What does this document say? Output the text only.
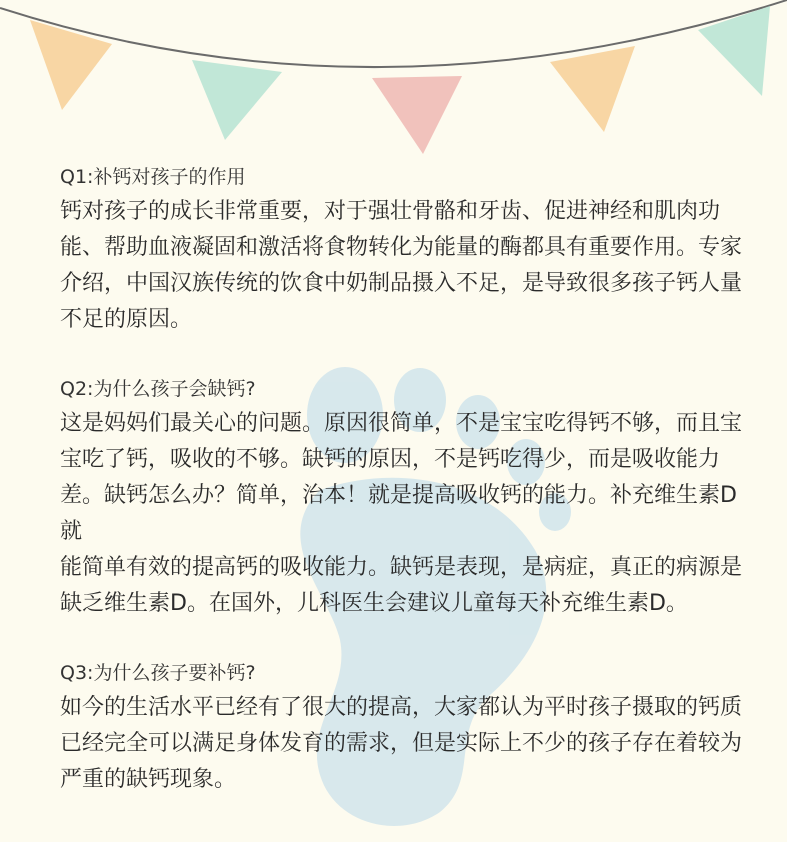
Q1:补钙对孩子的作用

钙对孩子的成长非常重要，对于强壮骨骼和牙齿、促进神经和肌肉功

能、帮助血液凝固和激活将食物转化为能量的酶都具有重要作用。专家

介绍，中国汉族传统的饮食中奶制品摄入不足，是导致很多孩子钙人量

不足的原因。

Q2:为什么孩子会缺钙?

这是妈妈们最关心的问题。原因很简单，不是宝宝吃得钙不够，而且宝

宝吃了钙，吸收的不够。缺钙的原因，不是钙吃得少，而是吸收能力

差。缺钙怎么办？简单，治本！就是提高吸收钙的能力。补充维生素D就

能简单有效的提高钙的吸收能力。缺钙是表现，是病症，真正的病源是

缺乏维生素D。在国外，儿科医生会建议儿童每天补充维生素D。

Q3:为什么孩子要补钙?

如今的生活水平已经有了很大的提高，大家都认为平时孩子摄取的钙质

已经完全可以满足身体发育的需求，但是实际上不少的孩子存在着较为

严重的缺钙现象。
